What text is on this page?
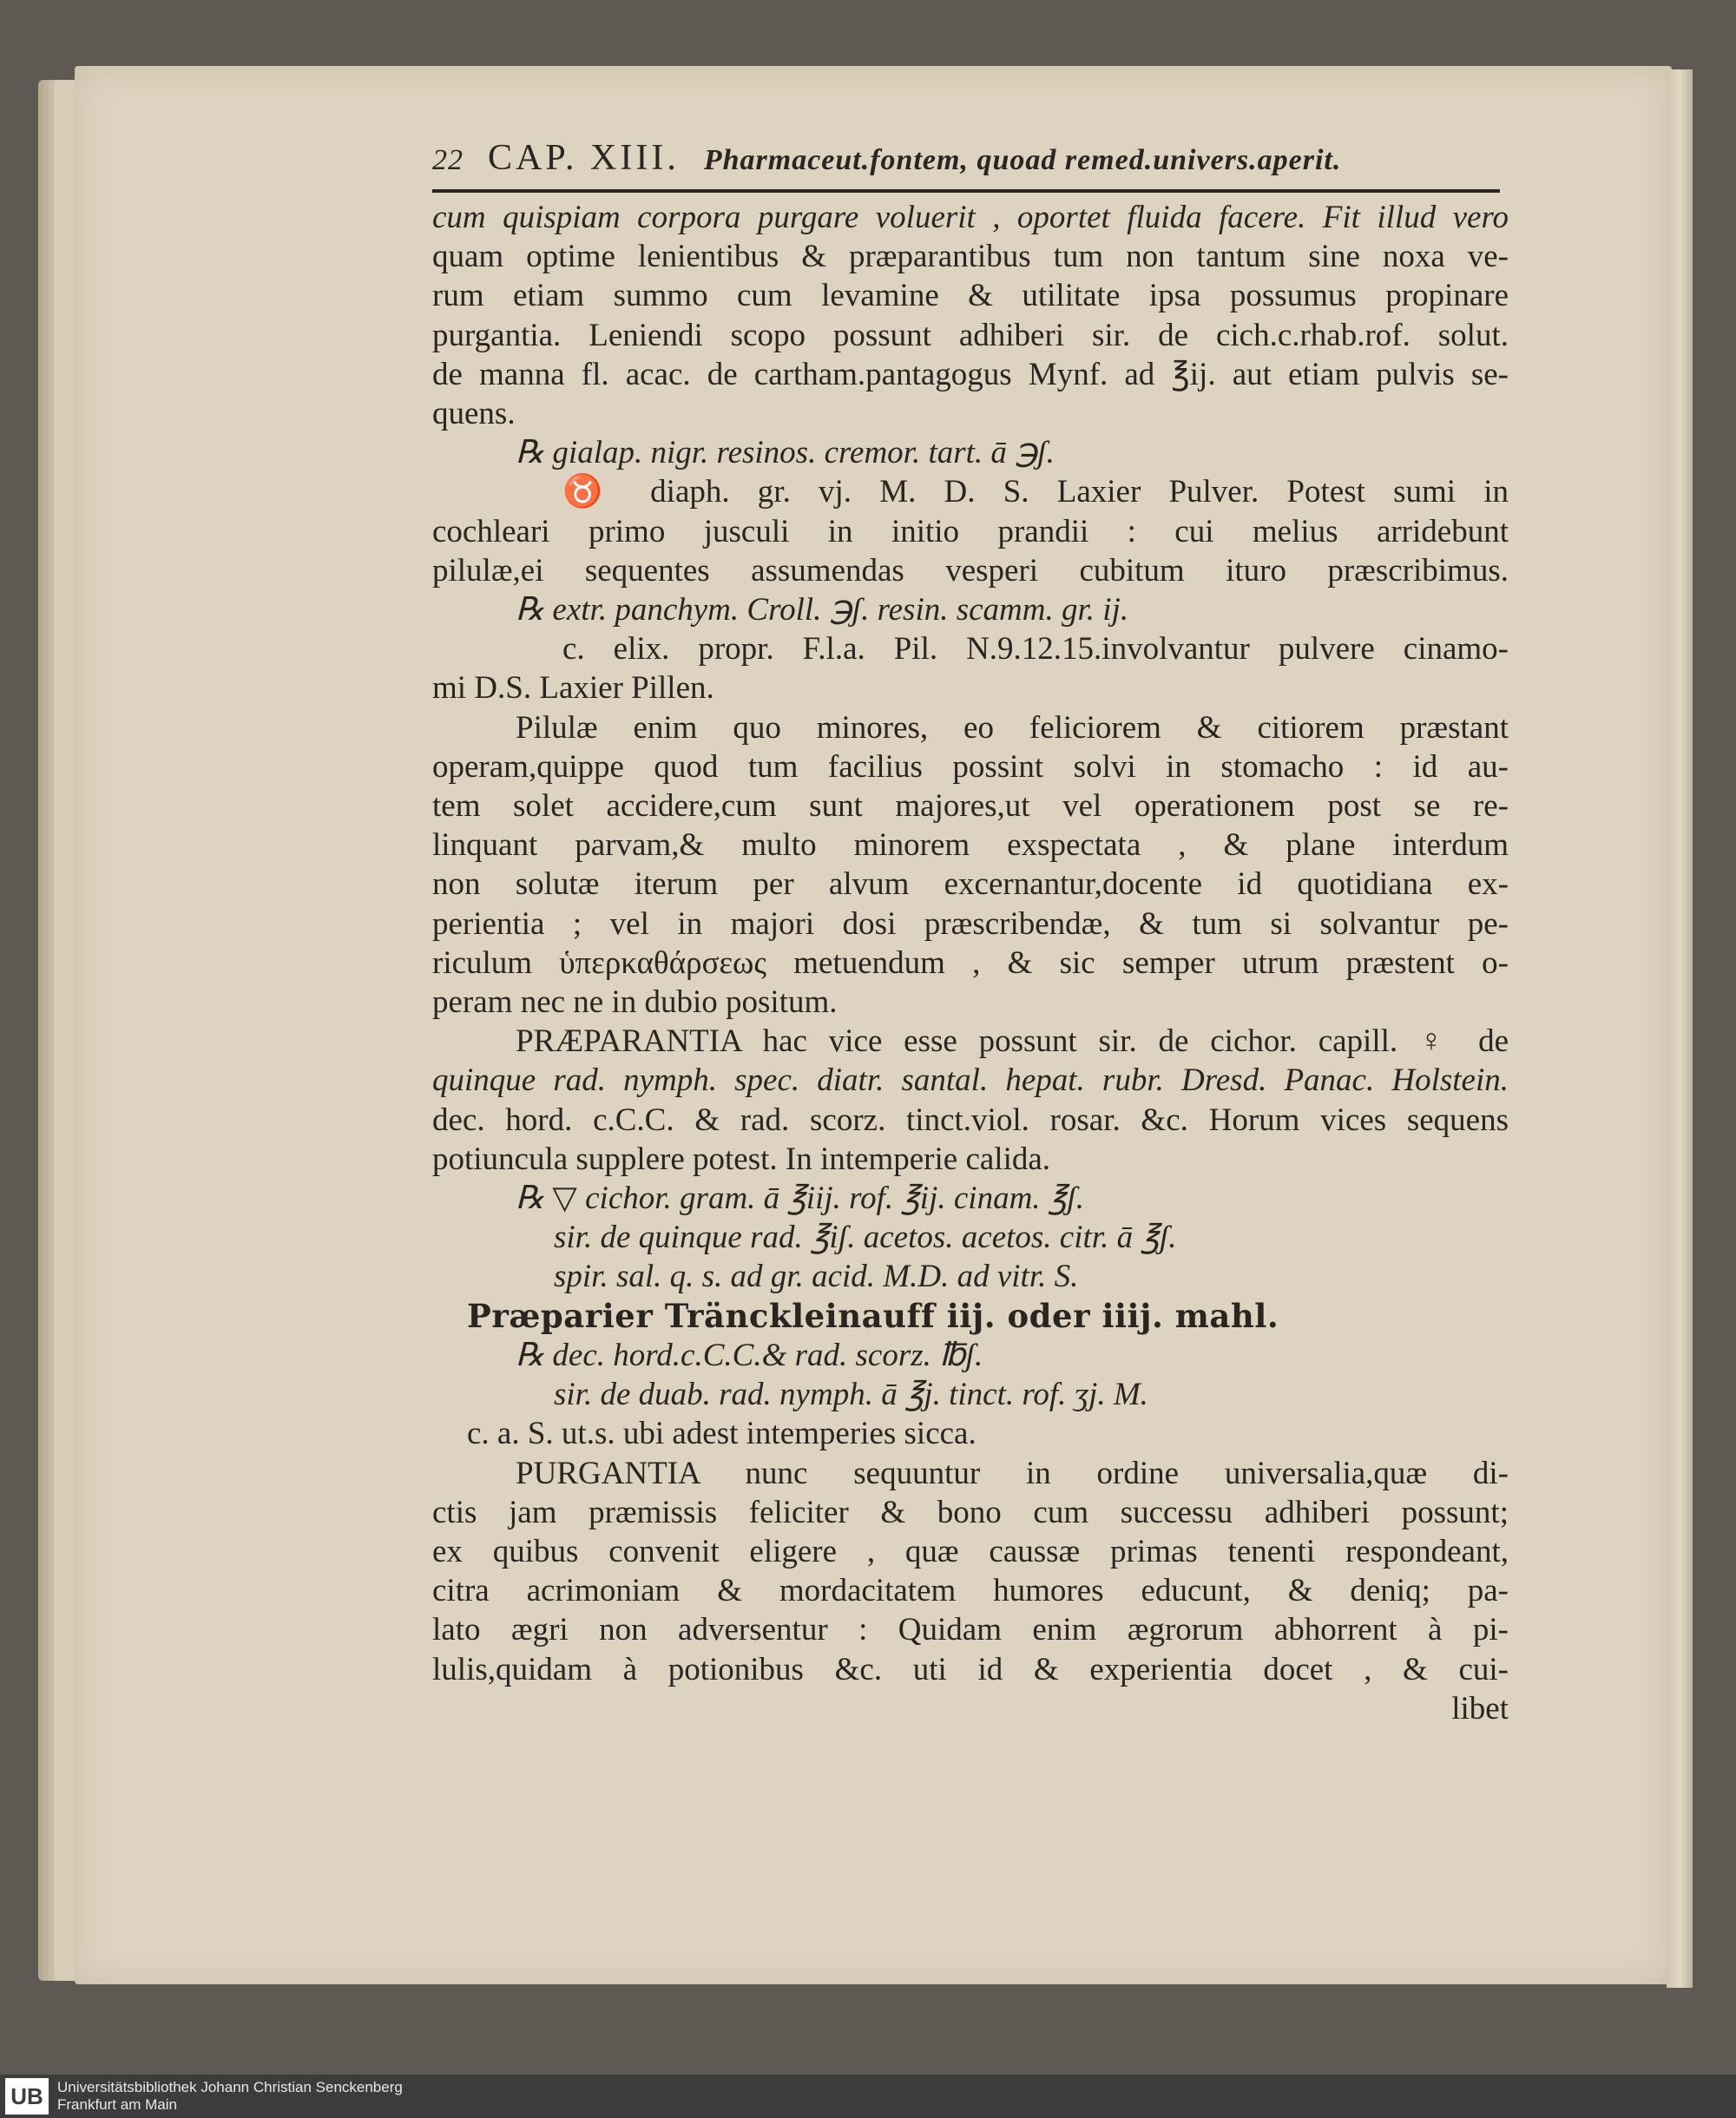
22 CAP. XIII. Pharmaceut.fontem, quoad remed.univers.aperit.
cum quispiam corpora purgare voluerit , oportet fluida facere. Fit illud vero
quam optime lenientibus & præparantibus tum non tantum sine noxa ve-
rum etiam summo cum levamine & utilitate ipsa possumus propinare
purgantia. Leniendi scopo possunt adhiberi sir. de cich.c.rhab.rof. solut.
de manna fl. acac. de cartham.pantagogus Mynf. ad ℥ij. aut etiam pulvis se-
quens.
℞ gialap. nigr. resinos. cremor. tart. ā ℈ʃ.
♉ diaph. gr. vj. M. D. S. Laxier Pulver. Potest sumi in
cochleari primo jusculi in initio prandii : cui melius arridebunt
pilulæ,ei sequentes assumendas vesperi cubitum ituro præscribimus.
℞ extr. panchym. Croll. ℈ʃ. resin. scamm. gr. ij.
c. elix. propr. F.l.a. Pil. N.9.12.15.involvantur pulvere cinamo-
mi D.S. Laxier Pillen.
Pilulæ enim quo minores, eo feliciorem & citiorem præstant
operam,quippe quod tum facilius possint solvi in stomacho : id au-
tem solet accidere,cum sunt majores,ut vel operationem post se re-
linquant parvam,& multo minorem exspectata , & plane interdum
non solutæ iterum per alvum excernantur,docente id quotidiana ex-
perientia ; vel in majori dosi præscribendæ, & tum si solvantur pe-
riculum ὑπερκαθάρσεως metuendum , & sic semper utrum præstent o-
peram nec ne in dubio positum.
PRÆPARANTIA hac vice esse possunt sir. de cichor. capill. ♀ de
quinque rad. nymph. spec. diatr. santal. hepat. rubr. Dresd. Panac. Holstein.
dec. hord. c.C.C. & rad. scorz. tinct.viol. rosar. &c. Horum vices sequens
potiuncula supplere potest. In intemperie calida.
℞ ▽ cichor. gram. ā ℥iij. rof. ℥ij. cinam. ℥ʃ.
sir. de quinque rad. ℥iʃ. acetos. acetos. citr. ā ℥ʃ.
spir. sal. q. s. ad gr. acid. M.D. ad vitr. S.
Præparier Tränckleinauff iij. oder iiij. mahl.
℞ dec. hord.c.C.C.& rad. scorz. ℔ʃ.
sir. de duab. rad. nymph. ā ℥j. tinct. rof. ʒj. M.
c. a. S. ut.s. ubi adest intemperies sicca.
PURGANTIA nunc sequuntur in ordine universalia,quæ di-
ctis jam præmissis feliciter & bono cum successu adhiberi possunt;
ex quibus convenit eligere , quæ caussæ primas tenenti respondeant,
citra acrimoniam & mordacitatem humores educunt, & deniq; pa-
lato ægri non adversentur : Quidam enim ægrorum abhorrent à pi-
lulis,quidam à potionibus &c. uti id & experientia docet , & cui-
libet
UB Universitätsbibliothek Johann Christian Senckenberg
Frankfurt am Main
